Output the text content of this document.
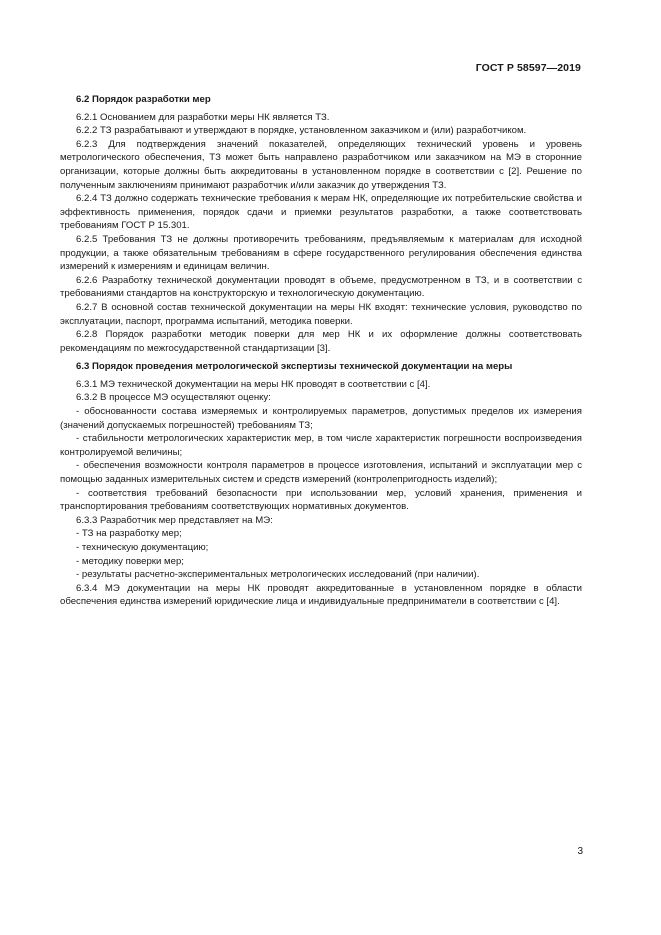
ГОСТ Р 58597—2019

6.2 Порядок разработки мер

6.2.1 Основанием для разработки меры НК является ТЗ.

6.2.2 ТЗ разрабатывают и утверждают в порядке, установленном заказчиком и (или) разработчиком.

6.2.3 Для подтверждения значений показателей, определяющих технический уровень и уровень метрологического обеспечения, ТЗ может быть направлено разработчиком или заказчиком на МЭ в сторонние организации, которые должны быть аккредитованы в установленном порядке в соответствии с [2]. Решение по полученным заключениям принимают разработчик и/или заказчик до утверждения ТЗ.

6.2.4 ТЗ должно содержать технические требования к мерам НК, определяющие их потребительские свойства и эффективность применения, порядок сдачи и приемки результатов разработки, а также соответствовать требованиям ГОСТ Р 15.301.

6.2.5 Требования ТЗ не должны противоречить требованиям, предъявляемым к материалам для исходной продукции, а также обязательным требованиям в сфере государственного регулирования обеспечения единства измерений к измерениям и единицам величин.

6.2.6 Разработку технической документации проводят в объеме, предусмотренном в ТЗ, и в соответствии с требованиями стандартов на конструкторскую и технологическую документацию.

6.2.7 В основной состав технической документации на меры НК входят: технические условия, руководство по эксплуатации, паспорт, программа испытаний, методика поверки.

6.2.8 Порядок разработки методик поверки для мер НК и их оформление должны соответствовать рекомендациям по межгосударственной стандартизации [3].

6.3 Порядок проведения метрологической экспертизы технической документации на меры

6.3.1 МЭ технической документации на меры НК проводят в соответствии с [4].

6.3.2 В процессе МЭ осуществляют оценку:

- обоснованности состава измеряемых и контролируемых параметров, допустимых пределов их измерения (значений допускаемых погрешностей) требованиям ТЗ;

- стабильности метрологических характеристик мер, в том числе характеристик погрешности воспроизведения контролируемой величины;

- обеспечения возможности контроля параметров в процессе изготовления, испытаний и эксплуатации мер с помощью заданных измерительных систем и средств измерений (контролепригодность изделий);

- соответствия требований безопасности при использовании мер, условий хранения, применения и транспортирования требованиям соответствующих нормативных документов.

6.3.3 Разработчик мер представляет на МЭ:

- ТЗ на разработку мер;

- техническую документацию;

- методику поверки мер;

- результаты расчетно-экспериментальных метрологических исследований (при наличии).

6.3.4 МЭ документации на меры НК проводят аккредитованные в установленном порядке в области обеспечения единства измерений юридические лица и индивидуальные предприниматели в соответствии с [4].

3
